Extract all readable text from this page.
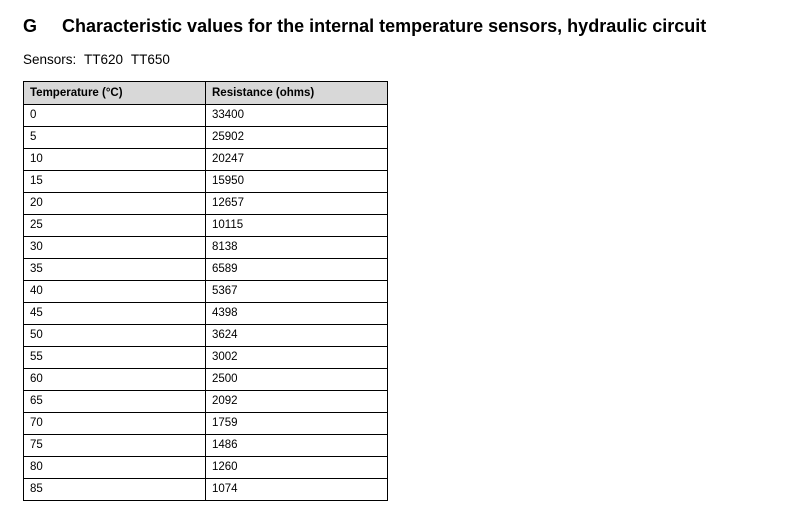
G	Characteristic values for the internal temperature sensors, hydraulic circuit
Sensors: TT620 TT650
Temperature (°C)	Resistance (ohms)
0	33400
5	25902
10	20247
15	15950
20	12657
25	10115
30	8138
35	6589
40	5367
45	4398
50	3624
55	3002
60	2500
65	2092
70	1759
75	1486
80	1260
85	1074
